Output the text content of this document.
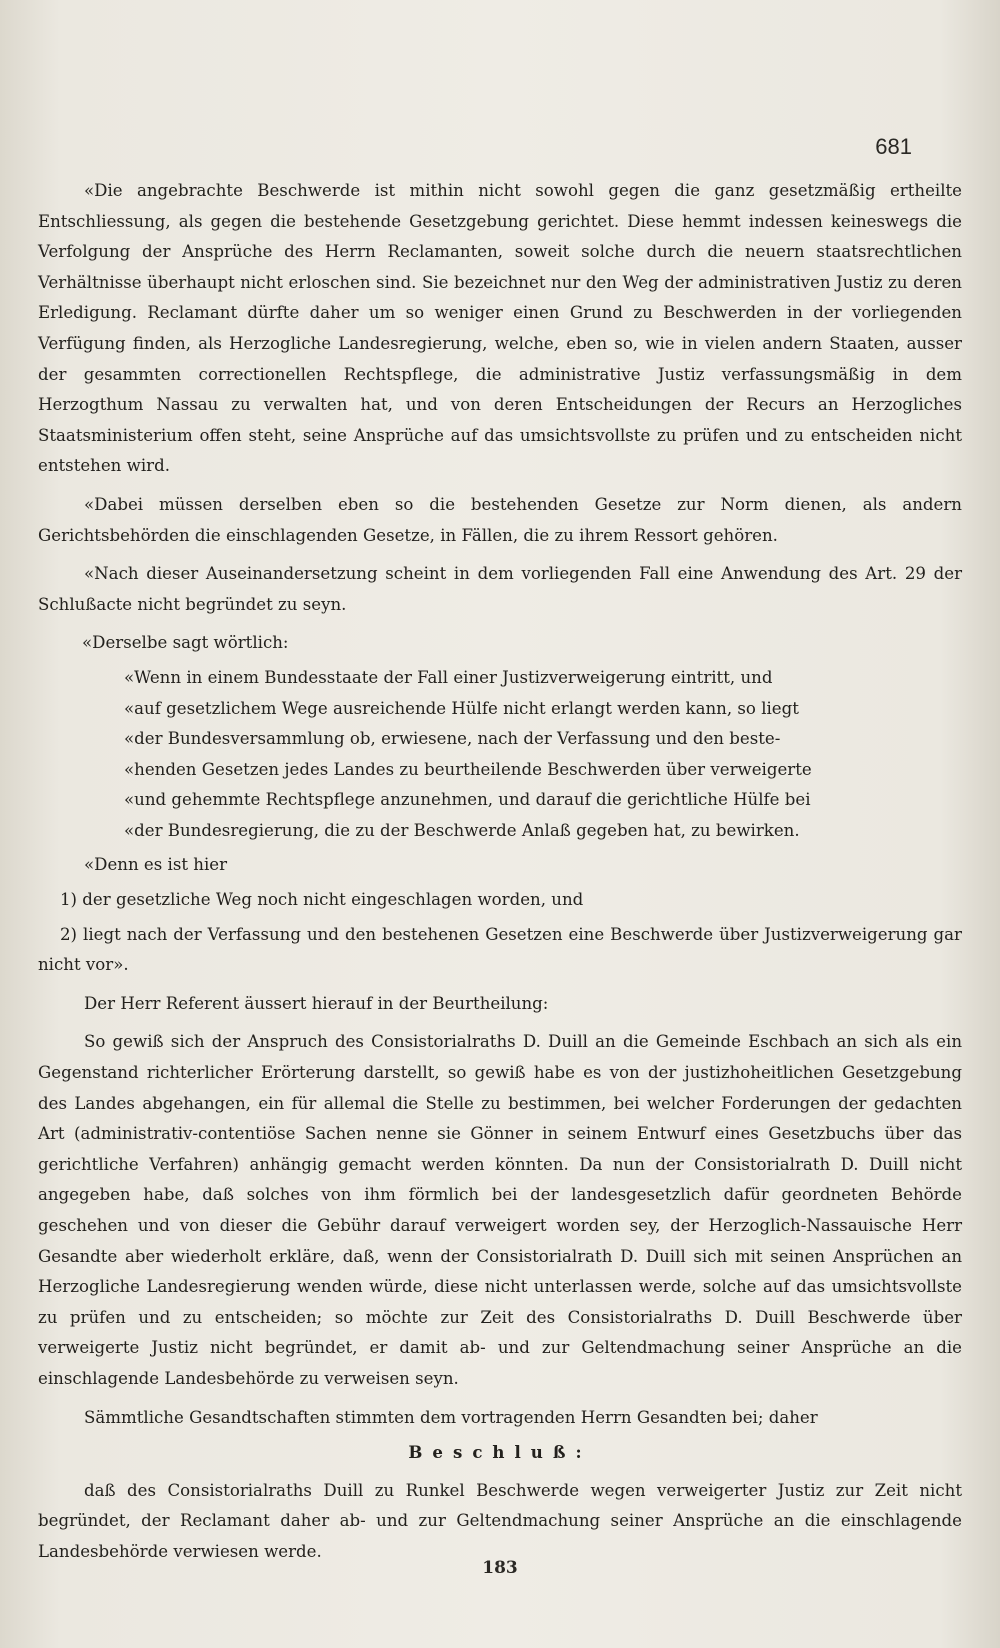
681

«Die angebrachte Beschwerde ist mithin nicht sowohl gegen die ganz gesetzmäßig ertheilte Entschliessung, als gegen die bestehende Gesetzgebung gerichtet. Diese hemmt indessen keineswegs die Verfolgung der Ansprüche des Herrn Reclamanten, soweit solche durch die neuern staatsrechtlichen Verhältnisse überhaupt nicht erloschen sind. Sie bezeichnet nur den Weg der administrativen Justiz zu deren Erledigung. Reclamant dürfte daher um so weniger einen Grund zu Beschwerden in der vorliegenden Verfügung finden, als Herzogliche Landesregierung, welche, eben so, wie in vielen andern Staaten, ausser der gesammten correctionellen Rechtspflege, die administrative Justiz verfassungsmäßig in dem Herzogthum Nassau zu verwalten hat, und von deren Entscheidungen der Recurs an Herzogliches Staatsministerium offen steht, seine Ansprüche auf das umsichtsvollste zu prüfen und zu entscheiden nicht entstehen wird.

«Dabei müssen derselben eben so die bestehenden Gesetze zur Norm dienen, als andern Gerichtsbehörden die einschlagenden Gesetze, in Fällen, die zu ihrem Ressort gehören.

«Nach dieser Auseinandersetzung scheint in dem vorliegenden Fall eine Anwendung des Art. 29 der Schlußacte nicht begründet zu seyn.

«Derselbe sagt wörtlich:

«Wenn in einem Bundesstaate der Fall einer Justizverweigerung eintritt, und

«auf gesetzlichem Wege ausreichende Hülfe nicht erlangt werden kann, so liegt

«der Bundesversammlung ob, erwiesene, nach der Verfassung und den beste-

«henden Gesetzen jedes Landes zu beurtheilende Beschwerden über verweigerte

«und gehemmte Rechtspflege anzunehmen, und darauf die gerichtliche Hülfe bei

«der Bundesregierung, die zu der Beschwerde Anlaß gegeben hat, zu bewirken.

«Denn es ist hier

1) der gesetzliche Weg noch nicht eingeschlagen worden, und

2) liegt nach der Verfassung und den bestehenen Gesetzen eine Beschwerde über Justizverweigerung gar nicht vor».

Der Herr Referent äussert hierauf in der Beurtheilung:

So gewiß sich der Anspruch des Consistorialraths D. Duill an die Gemeinde Eschbach an sich als ein Gegenstand richterlicher Erörterung darstellt, so gewiß habe es von der justizhoheitlichen Gesetzgebung des Landes abgehangen, ein für allemal die Stelle zu bestimmen, bei welcher Forderungen der gedachten Art (administrativ-contentiöse Sachen nenne sie Gönner in seinem Entwurf eines Gesetzbuchs über das gerichtliche Verfahren) anhängig gemacht werden könnten. Da nun der Consistorialrath D. Duill nicht angegeben habe, daß solches von ihm förmlich bei der landesgesetzlich dafür geordneten Behörde geschehen und von dieser die Gebühr darauf verweigert worden sey, der Herzoglich-Nassauische Herr Gesandte aber wiederholt erkläre, daß, wenn der Consistorialrath D. Duill sich mit seinen Ansprüchen an Herzogliche Landesregierung wenden würde, diese nicht unterlassen werde, solche auf das umsichtsvollste zu prüfen und zu entscheiden; so möchte zur Zeit des Consistorialraths D. Duill Beschwerde über verweigerte Justiz nicht begründet, er damit ab- und zur Geltendmachung seiner Ansprüche an die einschlagende Landesbehörde zu verweisen seyn.

Sämmtliche Gesandtschaften stimmten dem vortragenden Herrn Gesandten bei; daher

Beschluß:

daß des Consistorialraths Duill zu Runkel Beschwerde wegen verweigerter Justiz zur Zeit nicht begründet, der Reclamant daher ab- und zur Geltendmachung seiner Ansprüche an die einschlagende Landesbehörde verwiesen werde.

183
